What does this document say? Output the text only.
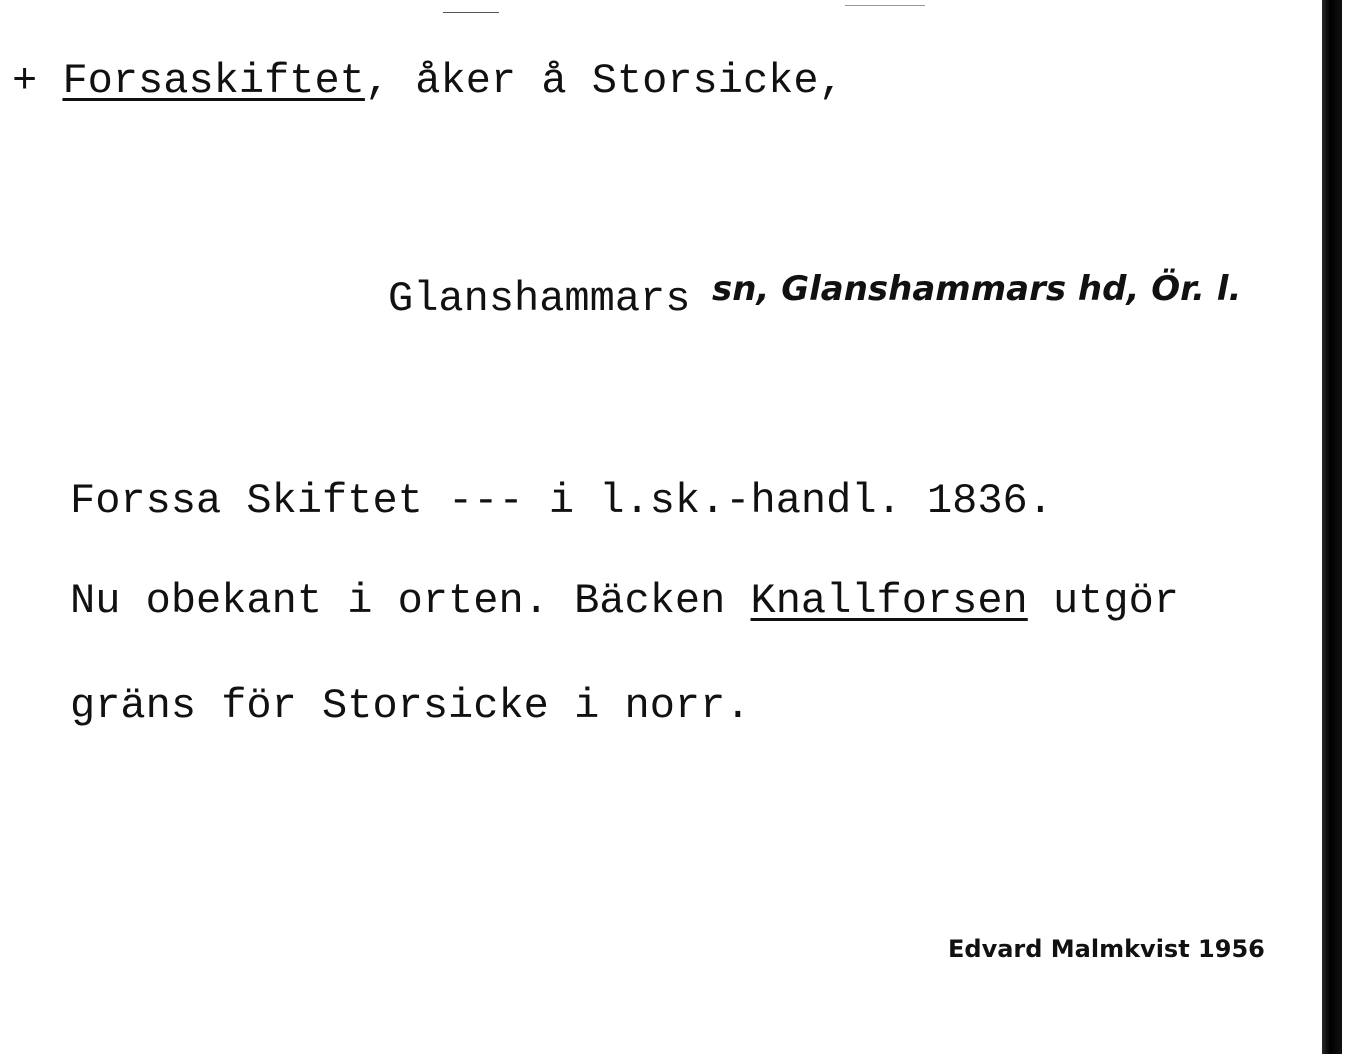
+ Forsaskiftet, åker å Storsicke,
Glanshammars sn, Glanshammars hd, Ör. l.
Forssa Skiftet --- i l.sk.-handl. 1836.
Nu obekant i orten. Bäcken Knallforsen utgör
gräns för Storsicke i norr.
Edvard Malmkvist 1956
